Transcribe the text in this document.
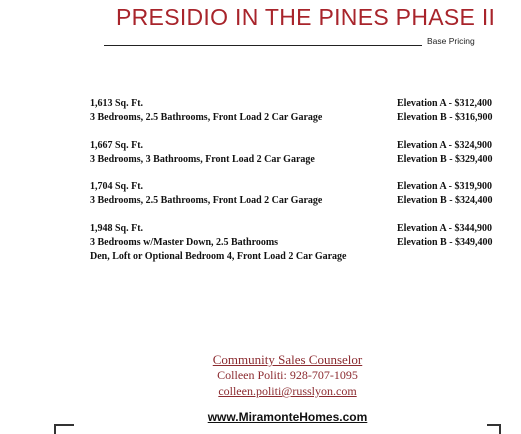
PRESIDIO IN THE PINES PHASE II
Base Pricing
1,613 Sq. Ft.
3 Bedrooms, 2.5 Bathrooms, Front Load 2 Car Garage
Elevation A - $312,400
Elevation B - $316,900
1,667 Sq. Ft.
3 Bedrooms, 3 Bathrooms, Front Load 2 Car Garage
Elevation A - $324,900
Elevation B - $329,400
1,704 Sq. Ft.
3 Bedrooms, 2.5 Bathrooms, Front Load 2 Car Garage
Elevation A - $319,900
Elevation B - $324,400
1,948 Sq. Ft.
3 Bedrooms w/Master Down, 2.5 Bathrooms
Den, Loft or Optional Bedroom 4, Front Load 2 Car Garage
Elevation A - $344,900
Elevation B - $349,400
Community Sales Counselor
Colleen Politi: 928-707-1095
colleen.politi@russlyon.com
www.MiramonteHomes.com
